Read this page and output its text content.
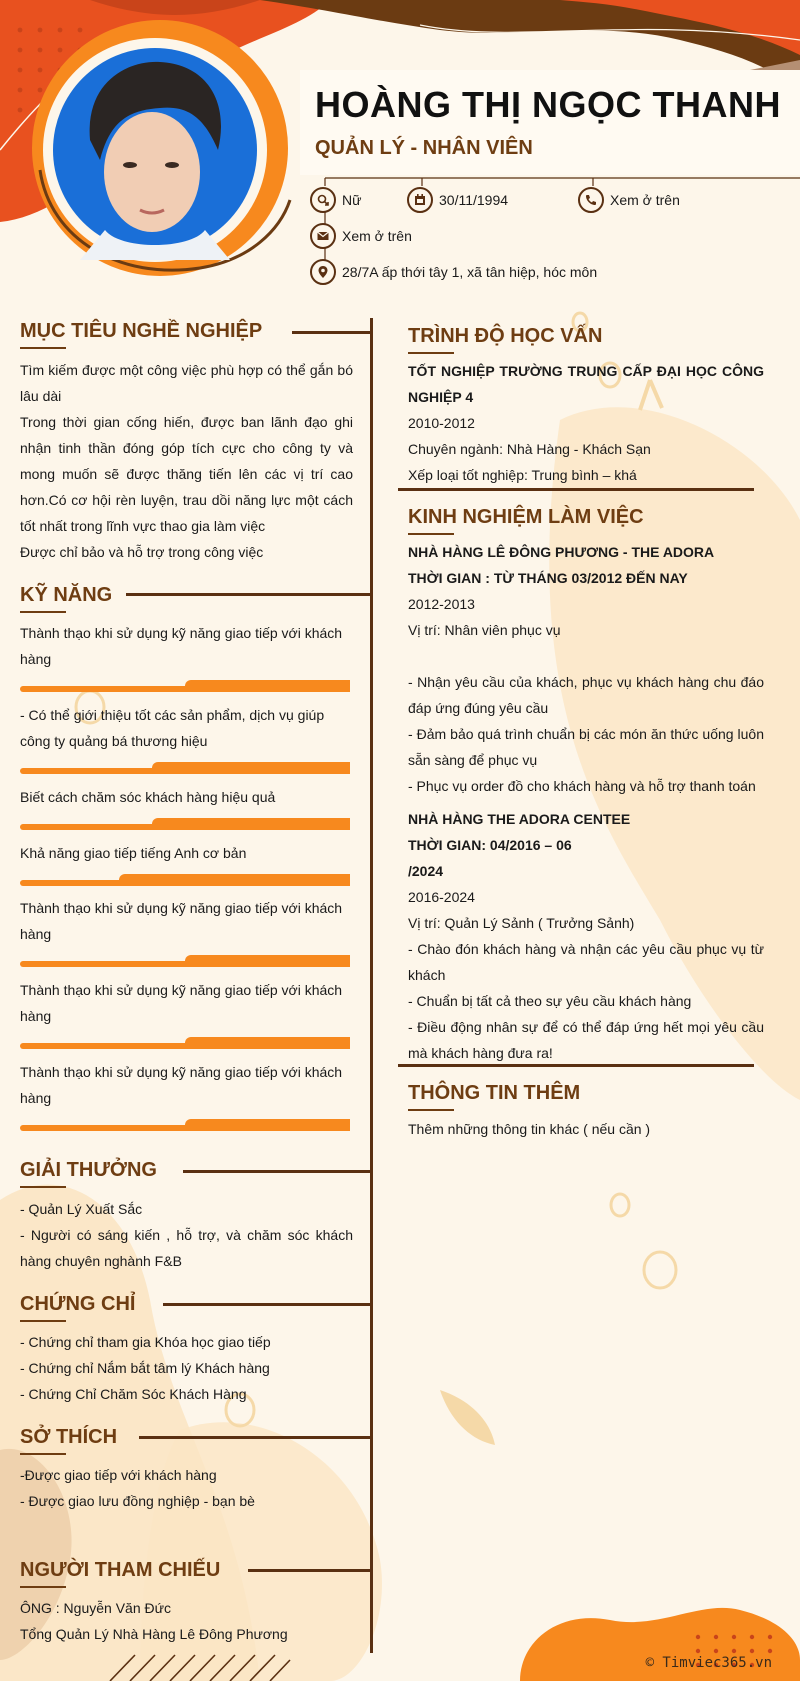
HOÀNG THỊ NGỌC THANH
QUẢN LÝ - NHÂN VIÊN
Nữ	30/11/1994	Xem ở trên
Xem ở trên
28/7A ấp thới tây 1, xã tân hiệp, hóc môn
MỤC TIÊU NGHỀ NGHIỆP

Tìm kiếm được một công việc phù hợp có thể gắn bó lâu dài

Trong thời gian cống hiến, được ban lãnh đạo ghi nhận tinh thần đóng góp tích cực cho công ty và mong muốn sẽ được thăng tiến lên các vị trí cao hơn.Có cơ hội rèn luyện, trau dồi năng lực một cách tốt nhất trong lĩnh vực thao gia làm việc

Được chỉ bảo và hỗ trợ trong công việc

KỸ NĂNG
Thành thạo khi sử dụng kỹ năng giao tiếp với khách hàng
- Có thể giới thiệu tốt các sản phẩm, dịch vụ giúp công ty quảng bá thương hiệu
Biết cách chăm sóc khách hàng hiệu quả
Khả năng giao tiếp tiếng Anh cơ bản
Thành thạo khi sử dụng kỹ năng giao tiếp với khách hàng
Thành thạo khi sử dụng kỹ năng giao tiếp với khách hàng
Thành thạo khi sử dụng kỹ năng giao tiếp với khách hàng
GIẢI THƯỞNG

- Quản Lý Xuất Sắc

- Người có sáng kiến , hỗ trợ, và chăm sóc khách hàng chuyên nghành F&B

CHỨNG CHỈ

- Chứng chỉ tham gia Khóa học giao tiếp

- Chứng chỉ Nắm bắt tâm lý Khách hàng

- Chứng Chỉ Chăm Sóc Khách Hàng

SỞ THÍCH

-Được giao tiếp với khách hàng

- Được giao lưu đồng nghiệp - bạn bè

NGƯỜI THAM CHIẾU

ÔNG : Nguyễn Văn Đức

Tổng Quản Lý Nhà Hàng Lê Đông Phương

TRÌNH ĐỘ HỌC VẤN

TỐT NGHIỆP TRƯỜNG TRUNG CẤP ĐẠI HỌC CÔNG NGHIỆP 4

2010-2012

Chuyên ngành: Nhà Hàng - Khách Sạn

Xếp loại tốt nghiệp: Trung bình – khá

KINH NGHIỆM LÀM VIỆC

NHÀ HÀNG LÊ ĐÔNG PHƯƠNG - THE ADORA

THỜI GIAN : TỪ THÁNG 03/2012 ĐẾN NAY

2012-2013

Vị trí: Nhân viên phục vụ

- Nhận yêu cầu của khách, phục vụ khách hàng chu đáo đáp ứng đúng yêu cầu

- Đảm bảo quá trình chuẩn bị các món ăn thức uống luôn sẵn sàng để phục vụ

- Phục vụ order đồ cho khách hàng và hỗ trợ thanh toán

NHÀ HÀNG THE ADORA CENTEE

THỜI GIAN: 04/2016 – 06

/2024

2016-2024

Vị trí: Quản Lý Sảnh ( Trưởng Sảnh)

- Chào đón khách hàng và nhận các yêu cầu phục vụ từ khách

- Chuẩn bị tất cả theo sự yêu cầu khách hàng

- Điều động nhân sự để có thể đáp ứng hết mọi yêu cầu mà khách hàng đưa ra!

THÔNG TIN THÊM

Thêm những thông tin khác ( nếu cần )

© Timviec365.vn
